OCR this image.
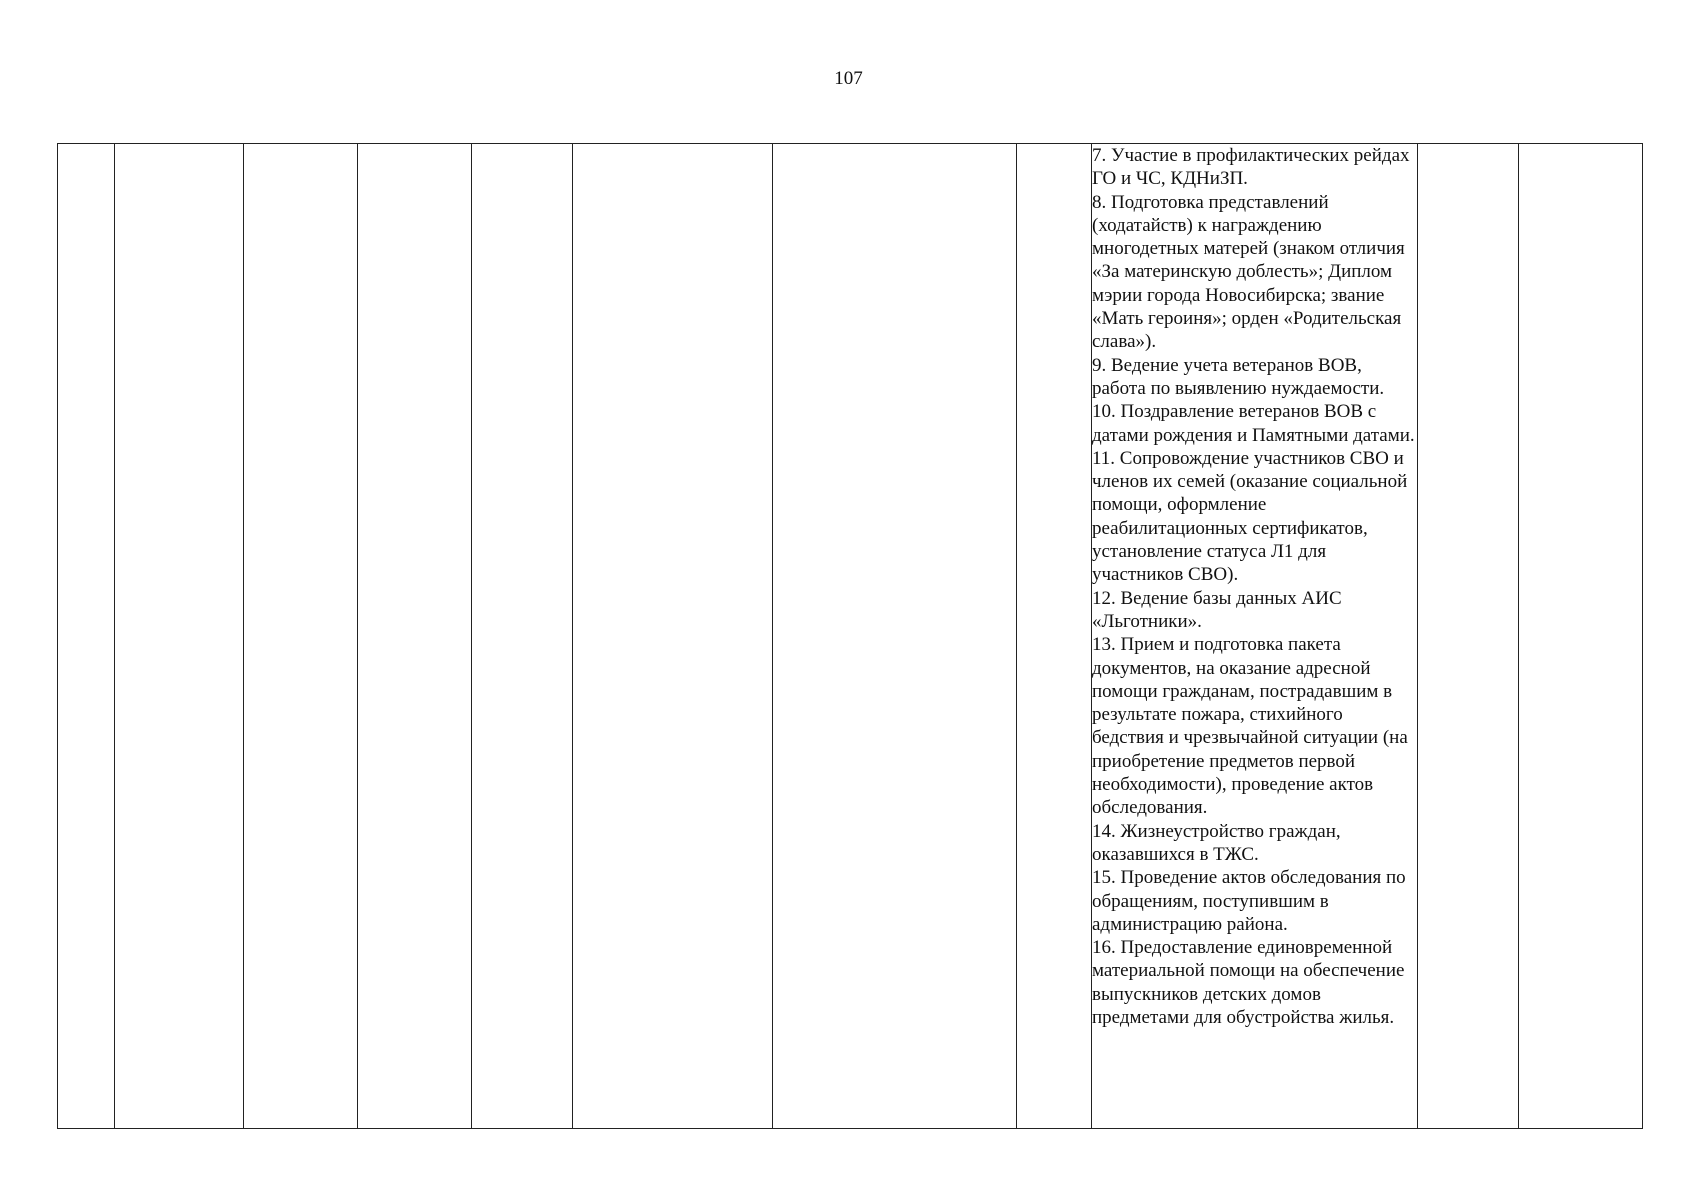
107

7. Участие в профилактических рейдах ГО и ЧС, КДНиЗП.
8. Подготовка представлений (ходатайств) к награждению многодетных матерей (знаком отличия «За материнскую доблесть»; Диплом мэрии города Новосибирска; звание «Мать героиня»; орден «Родительская слава»).
9. Ведение учета ветеранов ВОВ, работа по выявлению нуждаемости.
10. Поздравление ветеранов ВОВ с датами рождения и Памятными датами.
11. Сопровождение участников СВО и членов их семей (оказание социальной помощи, оформление реабилитационных сертификатов, установление статуса Л1 для участников СВО).
12. Ведение базы данных АИС «Льготники».
13. Прием и подготовка пакета документов, на оказание адресной помощи гражданам, пострадавшим в результате пожара, стихийного бедствия и чрезвычайной ситуации (на приобретение предметов первой необходимости), проведение актов обследования.
14. Жизнеустройство граждан, оказавшихся в ТЖС.
15. Проведение актов обследования по обращениям, поступившим в администрацию района.
16. Предоставление единовременной материальной помощи на обеспечение выпускников детских домов предметами для обустройства жилья.
